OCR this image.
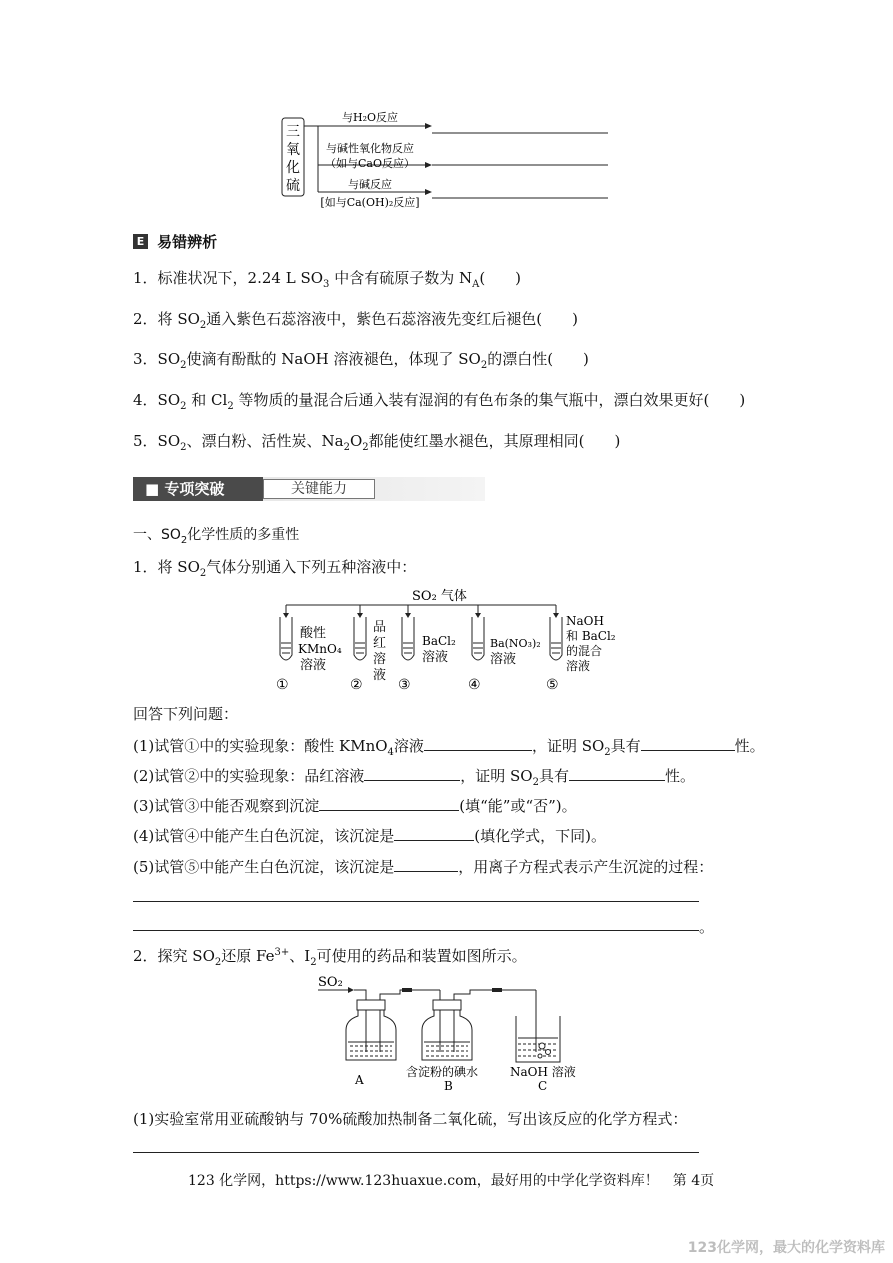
三
氧
化
硫
与H₂O反应
与碱性氧化物反应
（如与CaO反应）
与碱反应
[如与Ca(OH)₂反应]
E 易错辨析
1．标准状况下，2.24 L $SO_3$ 中含有硫原子数为 $N_A$(　　)
2．将 $SO_2$通入紫色石蕊溶液中，紫色石蕊溶液先变红后褪色(　　)
3．$SO_2$使滴有酚酞的 NaOH 溶液褪色，体现了 $SO_2$的漂白性(　　)
4．$SO_2$ 和 $Cl_2$ 等物质的量混合后通入装有湿润的有色布条的集气瓶中，漂白效果更好(　　)
5．$SO_2$、漂白粉、活性炭、$Na_2O_2$都能使红墨水褪色，其原理相同(　　)
■ 专项突破	关键能力
一、$SO_2$化学性质的多重性
1．将 $SO_2$气体分别通入下列五种溶液中：
SO₂ 气体
①
酸性
KMnO₄
溶液
②
品
红
溶
液
③
BaCl₂
溶液
④
Ba(NO₃)₂
溶液
⑤
NaOH
和 BaCl₂
的混合
溶液
回答下列问题：
(1)试管①中的实验现象：酸性 KMnO$_4$溶液	，证明 $SO_2$具有	性。
(2)试管②中的实验现象：品红溶液	，证明 $SO_2$具有	性。
(3)试管③中能否观察到沉淀	(填“能”或“否”)。
(4)试管④中能产生白色沉淀，该沉淀是	(填化学式，下同)。
(5)试管⑤中能产生白色沉淀，该沉淀是	，用离子方程式表示产生沉淀的过程：
。
2．探究 $SO_2$还原 $Fe^{3+}$、$I_2$可使用的药品和装置如图所示。
SO₂
A
含淀粉的碘水
B
NaOH 溶液
C
(1)实验室常用亚硫酸钠与 70%硫酸加热制备二氧化硫，写出该反应的化学方程式：
123 化学网，https://www.123huaxue.com，最好用的中学化学资料库！　第 4页
123化学网，最大的化学资料库
